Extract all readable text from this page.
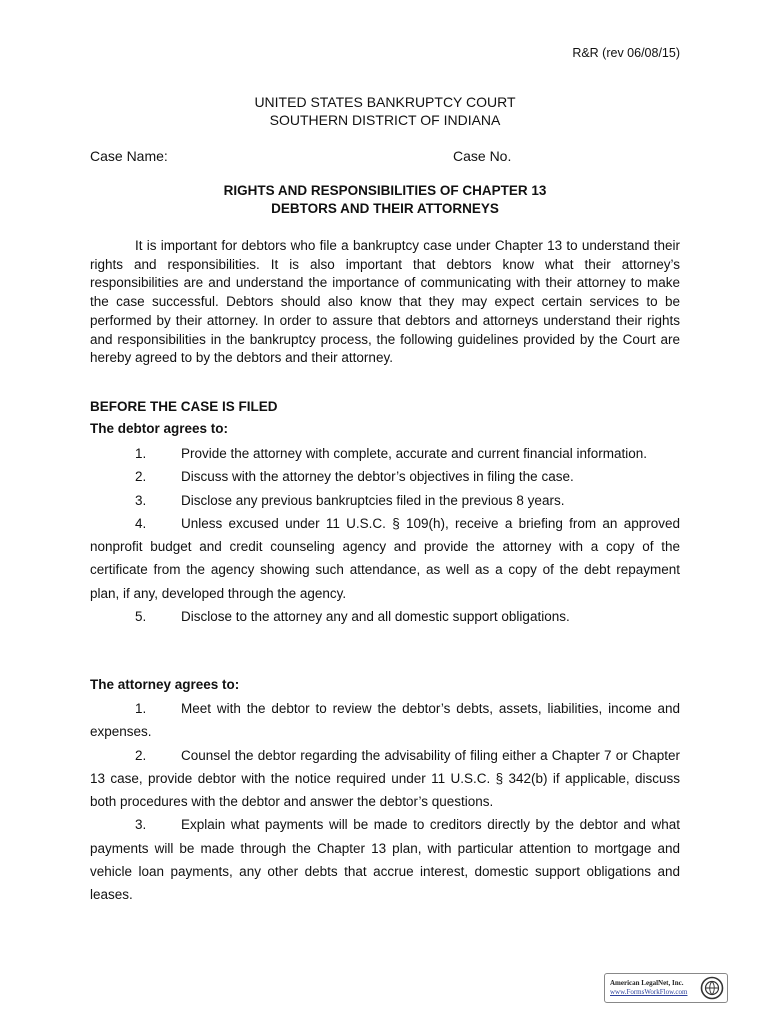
R&R (rev 06/08/15)
UNITED STATES BANKRUPTCY COURT
SOUTHERN DISTRICT OF INDIANA
Case Name:	Case No.
RIGHTS AND RESPONSIBILITIES OF CHAPTER 13
DEBTORS AND THEIR ATTORNEYS

It is important for debtors who file a bankruptcy case under Chapter 13 to understand their rights and responsibilities. It is also important that debtors know what their attorney’s responsibilities are and understand the importance of communicating with their attorney to make the case successful. Debtors should also know that they may expect certain services to be performed by their attorney. In order to assure that debtors and attorneys understand their rights and responsibilities in the bankruptcy process, the following guidelines provided by the Court are hereby agreed to by the debtors and their attorney.

BEFORE THE CASE IS FILED
The debtor agrees to:

1.	Provide the attorney with complete, accurate and current financial information.

2.	Discuss with the attorney the debtor’s objectives in filing the case.

3.	Disclose any previous bankruptcies filed in the previous 8 years.

4.	Unless excused under 11 U.S.C. § 109(h), receive a briefing from an approved nonprofit budget and credit counseling agency and provide the attorney with a copy of the certificate from the agency showing such attendance, as well as a copy of the debt repayment plan, if any, developed through the agency.

5.	Disclose to the attorney any and all domestic support obligations.

The attorney agrees to:

1.	Meet with the debtor to review the debtor’s debts, assets, liabilities, income and expenses.

2.	Counsel the debtor regarding the advisability of filing either a Chapter 7 or Chapter 13 case, provide debtor with the notice required under 11 U.S.C. § 342(b) if applicable, discuss both procedures with the debtor and answer the debtor’s questions.

3.	Explain what payments will be made to creditors directly by the debtor and what payments will be made through the Chapter 13 plan, with particular attention to mortgage and vehicle loan payments, any other debts that accrue interest, domestic support obligations and leases.

American LegalNet, Inc.
www.FormsWorkFlow.com
